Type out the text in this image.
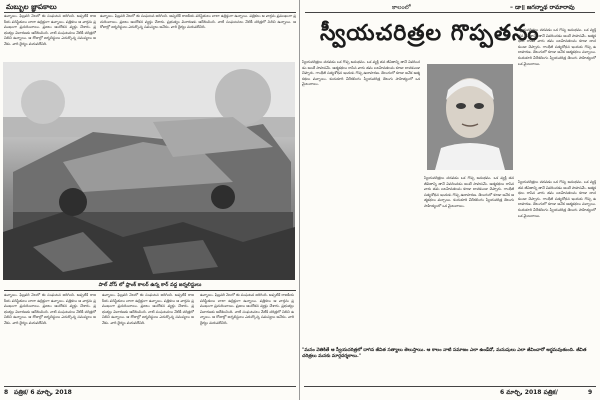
మబ్బుల జ్ఞాపకాలు
ఉన్నాయి. ఫిబ్రవరి నెలలో ఈ సంఘటన జరిగింది. అప్పటికే రాజకీయ పరిస్థితులు చాలా ఉద్రిక్తంగా ఉన్నాయి. పత్రికలు ఆ వార్తను ప్రముఖంగా ప్రచురించాయి. ప్రజలు ఆందోళన వ్యక్తం చేశారు. ప్రభుత్వం విచారణకు ఆదేశించింది. నాటి సంఘటనలు నేటికీ చరిత్రలో నిలిచి ఉన్నాయి. ఆ రోజుల్లో జర్నలిస్టులు ఎదుర్కొన్న సమస్యలు అనేకం. వారి ధైర్యం మరువలేనిది.
ఉన్నాయి. ఫిబ్రవరి నెలలో ఈ సంఘటన జరిగింది. అప్పటికే రాజకీయ పరిస్థితులు చాలా ఉద్రిక్తంగా ఉన్నాయి. పత్రికలు ఆ వార్తను ప్రముఖంగా ప్రచురించాయి. ప్రజలు ఆందోళన వ్యక్తం చేశారు. ప్రభుత్వం విచారణకు ఆదేశించింది. నాటి సంఘటనలు నేటికీ చరిత్రలో నిలిచి ఉన్నాయి. ఆ రోజుల్లో జర్నలిస్టులు ఎదుర్కొన్న సమస్యలు అనేకం. వారి ధైర్యం మరువలేనిది.
పాల్ వోస్ లో ఫ్రాంక్ కాలర్ ఉన్న కార్ వద్ద జర్నలిస్టులు
ఉన్నాయి. ఫిబ్రవరి నెలలో ఈ సంఘటన జరిగింది. అప్పటికే రాజకీయ పరిస్థితులు చాలా ఉద్రిక్తంగా ఉన్నాయి. పత్రికలు ఆ వార్తను ప్రముఖంగా ప్రచురించాయి. ప్రజలు ఆందోళన వ్యక్తం చేశారు. ప్రభుత్వం విచారణకు ఆదేశించింది. నాటి సంఘటనలు నేటికీ చరిత్రలో నిలిచి ఉన్నాయి. ఆ రోజుల్లో జర్నలిస్టులు ఎదుర్కొన్న సమస్యలు అనేకం. వారి ధైర్యం మరువలేనిది.
ఉన్నాయి. ఫిబ్రవరి నెలలో ఈ సంఘటన జరిగింది. అప్పటికే రాజకీయ పరిస్థితులు చాలా ఉద్రిక్తంగా ఉన్నాయి. పత్రికలు ఆ వార్తను ప్రముఖంగా ప్రచురించాయి. ప్రజలు ఆందోళన వ్యక్తం చేశారు. ప్రభుత్వం విచారణకు ఆదేశించింది. నాటి సంఘటనలు నేటికీ చరిత్రలో నిలిచి ఉన్నాయి. ఆ రోజుల్లో జర్నలిస్టులు ఎదుర్కొన్న సమస్యలు అనేకం. వారి ధైర్యం మరువలేనిది.
ఉన్నాయి. ఫిబ్రవరి నెలలో ఈ సంఘటన జరిగింది. అప్పటికే రాజకీయ పరిస్థితులు చాలా ఉద్రిక్తంగా ఉన్నాయి. పత్రికలు ఆ వార్తను ప్రముఖంగా ప్రచురించాయి. ప్రజలు ఆందోళన వ్యక్తం చేశారు. ప్రభుత్వం విచారణకు ఆదేశించింది. నాటి సంఘటనలు నేటికీ చరిత్రలో నిలిచి ఉన్నాయి. ఆ రోజుల్లో జర్నలిస్టులు ఎదుర్కొన్న సమస్యలు అనేకం. వారి ధైర్యం మరువలేనిది.
8 పత్రిక/ 6 మార్చి, 2018
కాలంలో	– డా॥ జగన్నాథ రామారావు
స్వీయచరిత్రల గొప్పతనం
స్వీయచరిత్రలు చదవడం ఒక గొప్ప అనుభవం. ఒక వ్యక్తి తన జీవితాన్ని తానే వివరించడం అంటే సాహసమే. ఆత్మకథలు రాసిన వారు తమ బలహీనతలను కూడా దాచకుండా చెప్పారు. గాంధీజీ సత్యశోధన ఇందుకు గొప్ప ఉదాహరణ. తెలుగులో కూడా అనేక ఆత్మకథలు వచ్చాయి. కందుకూరి వీరేశలింగం స్వీయచరిత్ర తెలుగు సాహిత్యంలో ఒక మైలురాయి.
స్వీయచరిత్రలు చదవడం ఒక గొప్ప అనుభవం. ఒక వ్యక్తి తన జీవితాన్ని తానే వివరించడం అంటే సాహసమే. ఆత్మకథలు రాసిన వారు తమ బలహీనతలను కూడా దాచకుండా చెప్పారు. గాంధీజీ సత్యశోధన ఇందుకు గొప్ప ఉదాహరణ. తెలుగులో కూడా అనేక ఆత్మకథలు వచ్చాయి. కందుకూరి వీరేశలింగం స్వీయచరిత్ర తెలుగు సాహిత్యంలో ఒక మైలురాయి.
స్వీయచరిత్రలు చదవడం ఒక గొప్ప అనుభవం. ఒక వ్యక్తి తన జీవితాన్ని తానే వివరించడం అంటే సాహసమే. ఆత్మకథలు రాసిన వారు తమ బలహీనతలను కూడా దాచకుండా చెప్పారు. గాంధీజీ సత్యశోధన ఇందుకు గొప్ప ఉదాహరణ. తెలుగులో కూడా అనేక ఆత్మకథలు వచ్చాయి. కందుకూరి వీరేశలింగం స్వీయచరిత్ర తెలుగు సాహిత్యంలో ఒక మైలురాయి.
స్వీయచరిత్రలు చదవడం ఒక గొప్ప అనుభవం. ఒక వ్యక్తి తన జీవితాన్ని తానే వివరించడం అంటే సాహసమే. ఆత్మకథలు రాసిన వారు తమ బలహీనతలను కూడా దాచకుండా చెప్పారు. గాంధీజీ సత్యశోధన ఇందుకు గొప్ప ఉదాహరణ. తెలుగులో కూడా అనేక ఆత్మకథలు వచ్చాయి. కందుకూరి వీరేశలింగం స్వీయచరిత్ర తెలుగు సాహిత్యంలో ఒక మైలురాయి.
"మనం వెతికితే ఆ స్వీయచరిత్రలో దాగిన జీవిత సత్యాలు తెలుస్తాయి. ఆ కాలం నాటి సమాజం ఎలా ఉండేదో, మనుషులు ఎలా జీవించారో అర్థమవుతుంది. జీవిత చరిత్రలు మనకు మార్గదర్శకాలు."
6 మార్చి, 2018 పత్రిక/	9
